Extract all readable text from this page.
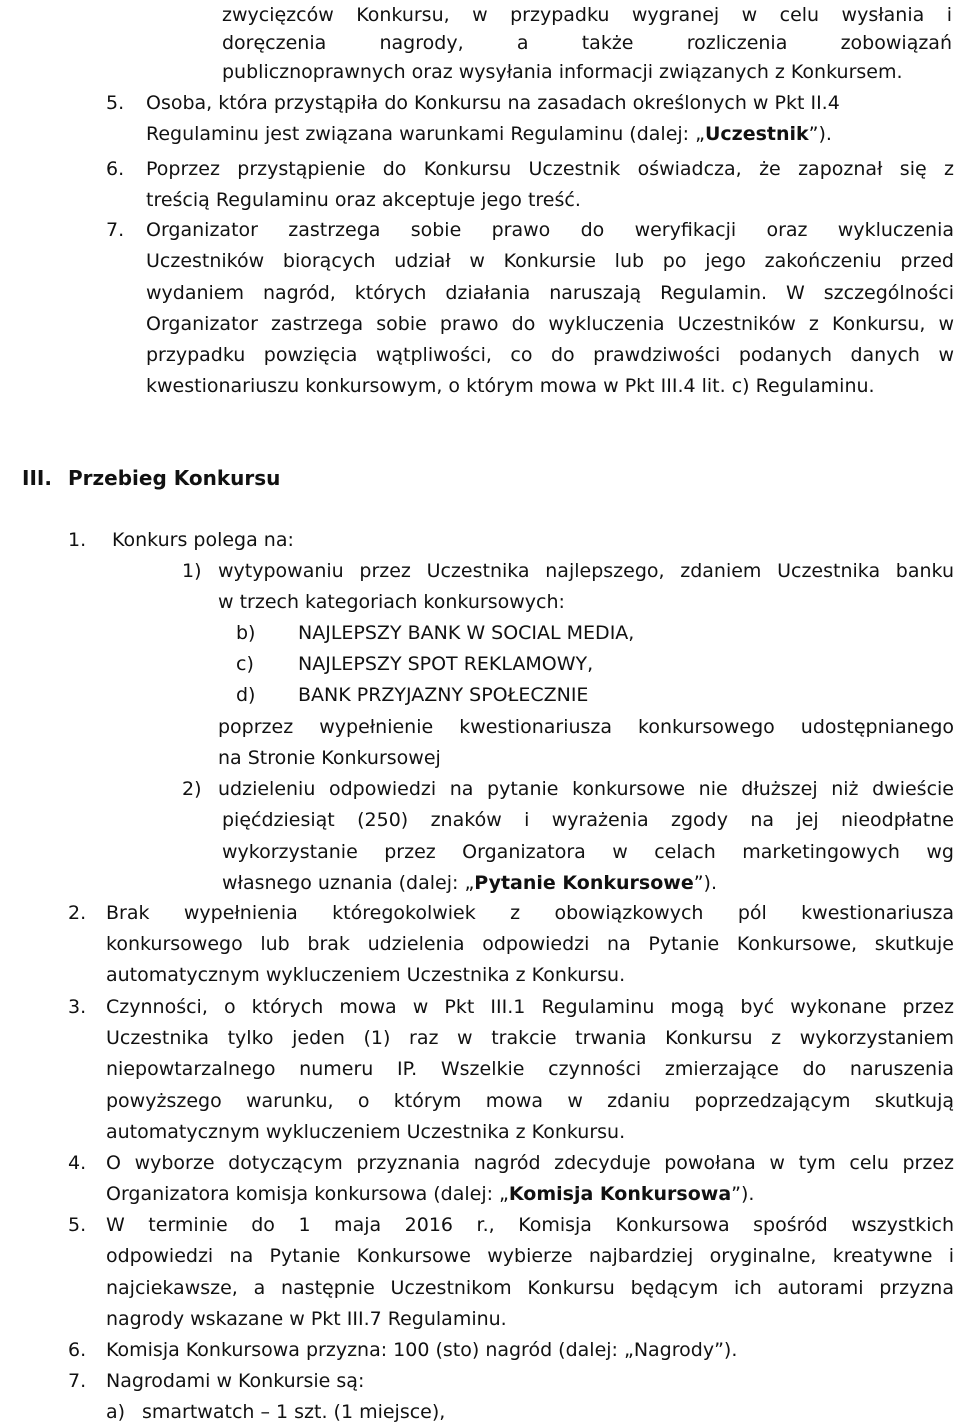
zwycięzców Konkursu, w przypadku wygranej w celu wysłania i
doręczenia nagrody, a także rozliczenia zobowiązań
publicznoprawnych oraz wysyłania informacji związanych z Konkursem.
5. Osoba, która przystąpiła do Konkursu na zasadach określonych w Pkt II.4
Regulaminu jest związana warunkami Regulaminu (dalej: „Uczestnik”).
6. Poprzez przystąpienie do Konkursu Uczestnik oświadcza, że zapoznał się z
treścią Regulaminu oraz akceptuje jego treść.
7. Organizator zastrzega sobie prawo do weryfikacji oraz wykluczenia
Uczestników biorących udział w Konkursie lub po jego zakończeniu przed
wydaniem nagród, których działania naruszają Regulamin. W szczególności
Organizator zastrzega sobie prawo do wykluczenia Uczestników z Konkursu, w
przypadku powzięcia wątpliwości, co do prawdziwości podanych danych w
kwestionariuszu konkursowym, o którym mowa w Pkt III.4 lit. c) Regulaminu.
III. Przebieg Konkursu
1. Konkurs polega na:
1) wytypowaniu przez Uczestnika najlepszego, zdaniem Uczestnika banku
w trzech kategoriach konkursowych:
b) NAJLEPSZY BANK W SOCIAL MEDIA,
c) NAJLEPSZY SPOT REKLAMOWY,
d) BANK PRZYJAZNY SPOŁECZNIE
poprzez wypełnienie kwestionariusza konkursowego udostępnianego
na Stronie Konkursowej
2) udzieleniu odpowiedzi na pytanie konkursowe nie dłuższej niż dwieście
pięćdziesiąt (250) znaków i wyrażenia zgody na jej nieodpłatne
wykorzystanie przez Organizatora w celach marketingowych wg
własnego uznania (dalej: „Pytanie Konkursowe”).
2. Brak wypełnienia któregokolwiek z obowiązkowych pól kwestionariusza
konkursowego lub brak udzielenia odpowiedzi na Pytanie Konkursowe, skutkuje
automatycznym wykluczeniem Uczestnika z Konkursu.
3. Czynności, o których mowa w Pkt III.1 Regulaminu mogą być wykonane przez
Uczestnika tylko jeden (1) raz w trakcie trwania Konkursu z wykorzystaniem
niepowtarzalnego numeru IP. Wszelkie czynności zmierzające do naruszenia
powyższego warunku, o którym mowa w zdaniu poprzedzającym skutkują
automatycznym wykluczeniem Uczestnika z Konkursu.
4. O wyborze dotyczącym przyznania nagród zdecyduje powołana w tym celu przez
Organizatora komisja konkursowa (dalej: „Komisja Konkursowa”).
5. W terminie do 1 maja 2016 r., Komisja Konkursowa spośród wszystkich
odpowiedzi na Pytanie Konkursowe wybierze najbardziej oryginalne, kreatywne i
najciekawsze, a następnie Uczestnikom Konkursu będącym ich autorami przyzna
nagrody wskazane w Pkt III.7 Regulaminu.
6. Komisja Konkursowa przyzna: 100 (sto) nagród (dalej: „Nagrody”).
7. Nagrodami w Konkursie są:
a) smartwatch – 1 szt. (1 miejsce),
